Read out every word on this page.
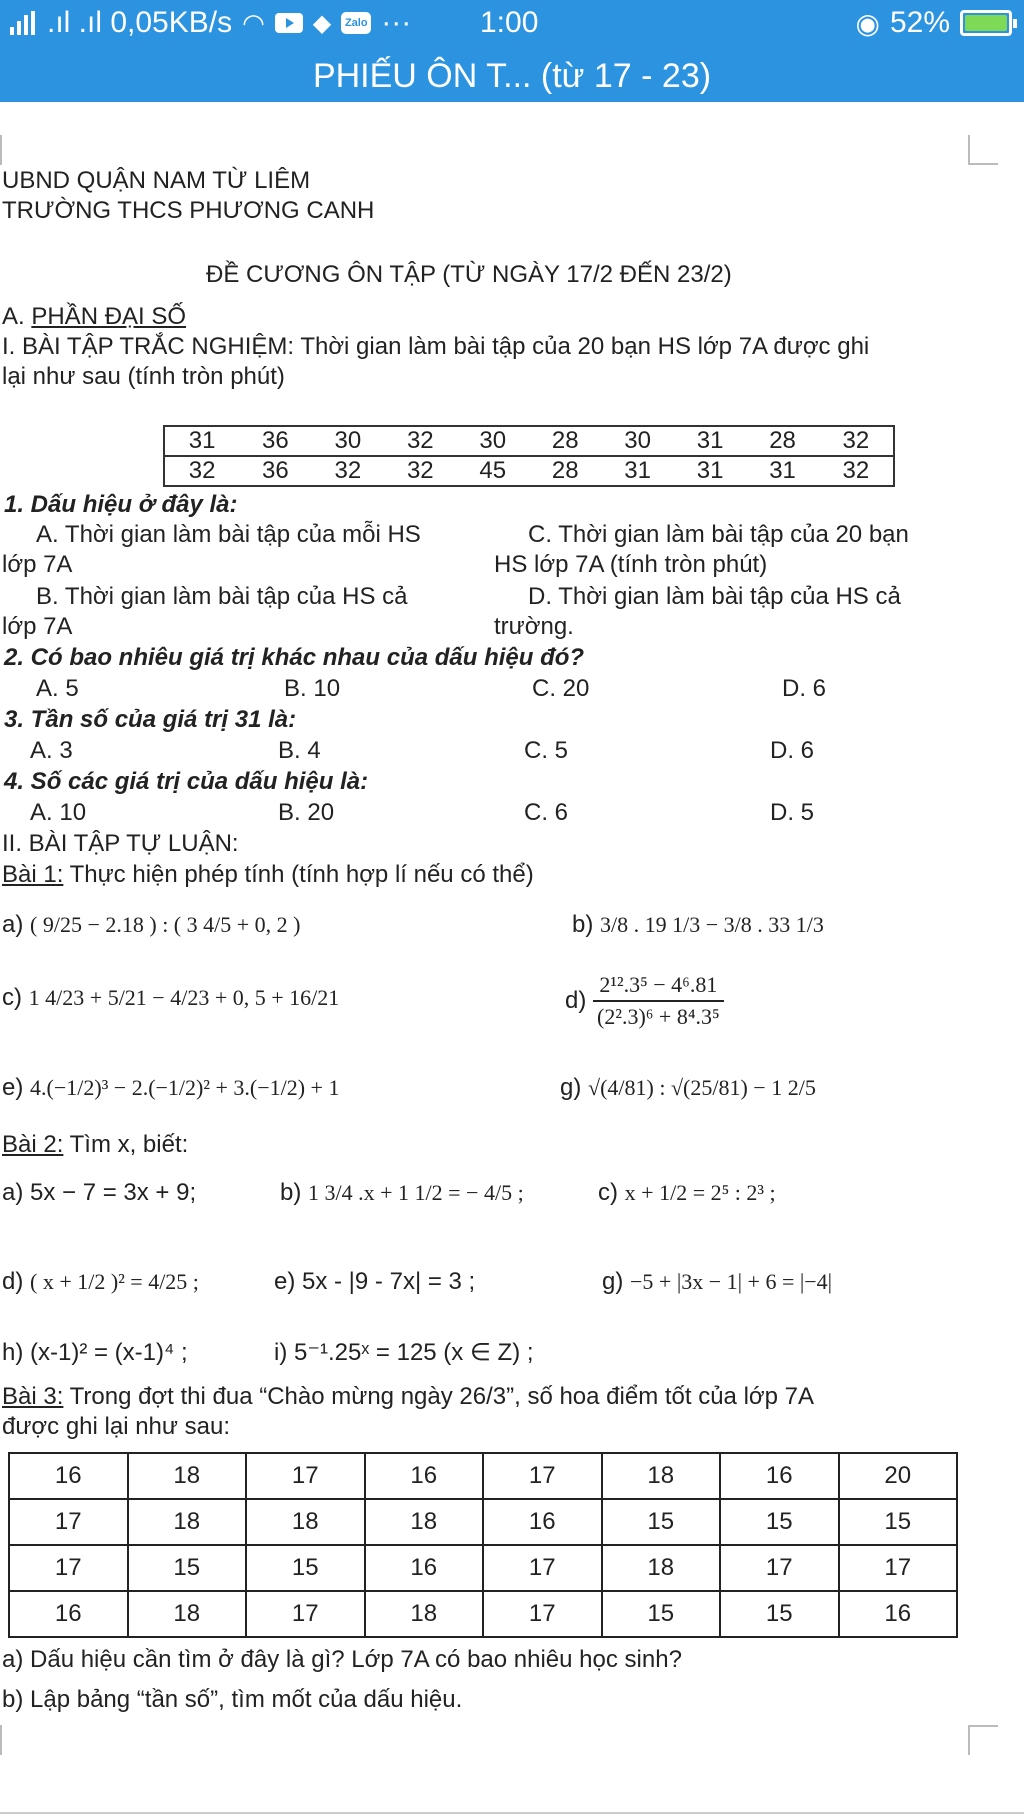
.ıl .ıl 0,05KB/s ◠ ◆	Zalo ··· 1:00	◉ 52%
PHIẾU ÔN T... (từ 17 - 23)
UBND QUẬN NAM TỪ LIÊM
TRƯỜNG THCS PHƯƠNG CANH
ĐỀ CƯƠNG ÔN TẬP (TỪ NGÀY 17/2 ĐẾN 23/2)
A. PHẦN ĐẠI SỐ
I. BÀI TẬP TRẮC NGHIỆM: Thời gian làm bài tập của 20 bạn HS lớp 7A được ghi
lại như sau (tính tròn phút)
31	36	30	32	30	28	30	31	28	32
32	36	32	32	45	28	31	31	31	32
1. Dấu hiệu ở đây là:
A. Thời gian làm bài tập của mỗi HS
lớp 7A
C. Thời gian làm bài tập của 20 bạn
HS lớp 7A (tính tròn phút)
B. Thời gian làm bài tập của HS cả
lớp 7A
D. Thời gian làm bài tập của HS cả
trường.
2. Có bao nhiêu giá trị khác nhau của dấu hiệu đó?
A. 5	B. 10	C. 20	D. 6
3. Tần số của giá trị 31 là:
A. 3	B. 4	C. 5	D. 6
4. Số các giá trị của dấu hiệu là:
A. 10	B. 20	C. 6	D. 5
II. BÀI TẬP TỰ LUẬN:
Bài 1: Thực hiện phép tính (tính hợp lí nếu có thể)
a) ( 9/25 − 2.18 ) : ( 3 4/5 + 0, 2 )	b) 3/8 . 19 1/3 − 3/8 . 33 1/3
c) 1 4/23 + 5/21 − 4/23 + 0, 5 + 16/21	$d) \frac{\text{2¹².3⁵ − 4⁶.81}}{\text{(2².3)⁶ + 8⁴.3⁵}}$
e) 4.(−1/2)³ − 2.(−1/2)² + 3.(−1/2) + 1	g) √(4/81) : √(25/81) − 1 2/5
Bài 2: Tìm x, biết:
a) 5x − 7 = 3x + 9;	b) 1 3/4 .x + 1 1/2 = − 4/5 ;	c) x + 1/2 = 2⁵ : 2³ ;
d) ( x + 1/2 )² = 4/25 ;	e) 5x - |9 - 7x| = 3 ;	g) −5 + |3x − 1| + 6 = |−4|
h) (x-1)² = (x-1)⁴ ;	i) 5⁻¹.25ˣ = 125 (x ∈ Z) ;
Bài 3: Trong đợt thi đua “Chào mừng ngày 26/3”, số hoa điểm tốt của lớp 7A
được ghi lại như sau:
16	18	17	16	17	18	16	20
17	18	18	18	16	15	15	15
17	15	15	16	17	18	17	17
16	18	17	18	17	15	15	16
a) Dấu hiệu cần tìm ở đây là gì? Lớp 7A có bao nhiêu học sinh?
b) Lập bảng “tần số”, tìm mốt của dấu hiệu.
